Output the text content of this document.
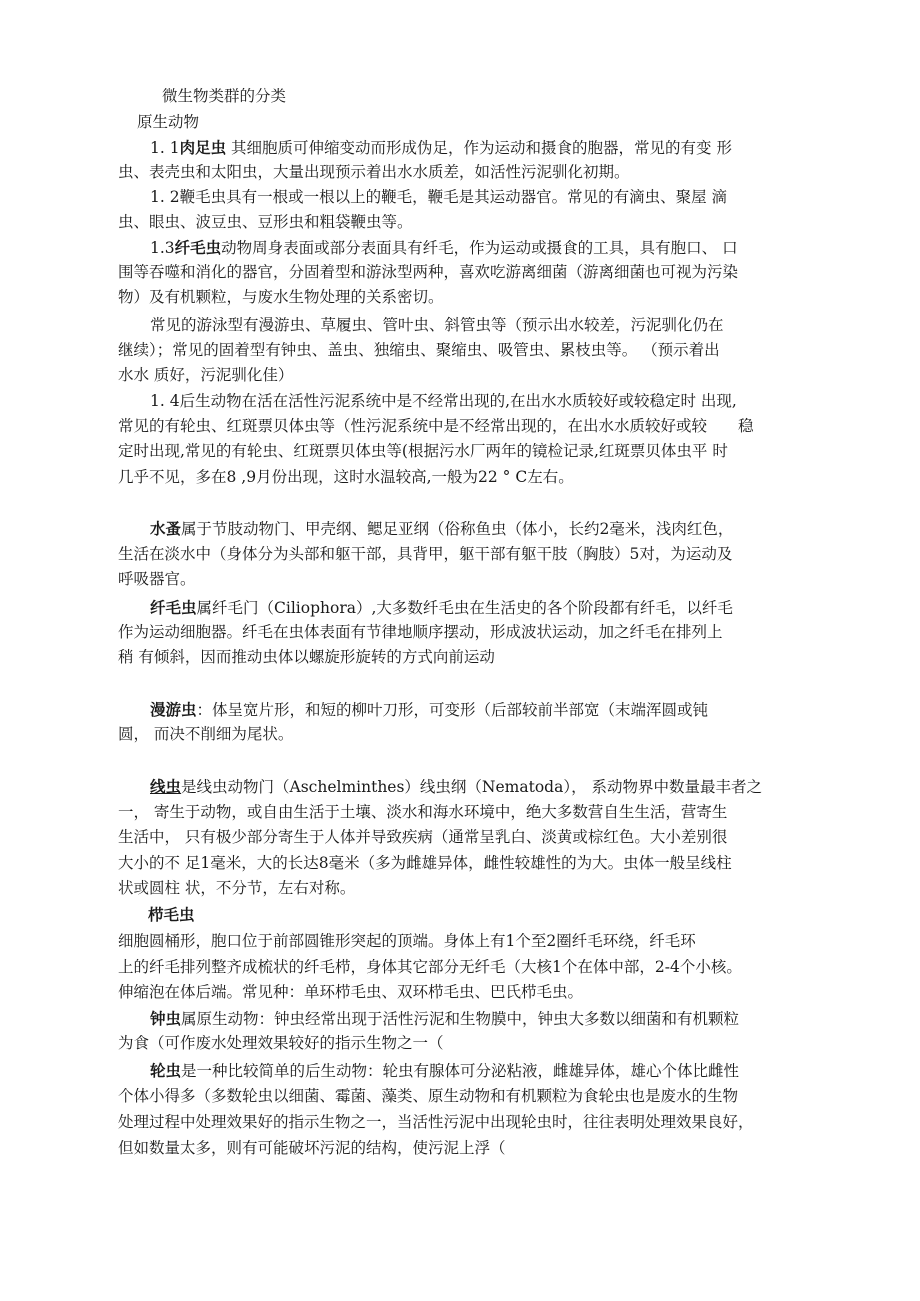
微生物类群的分类

原生动物

1. 1肉足虫 其细胞质可伸缩变动而形成伪足，作为运动和摄食的胞器，常见的有变 形

虫、表壳虫和太阳虫，大量出现预示着出水水质差，如活性污泥驯化初期。

1. 2鞭毛虫具有一根或一根以上的鞭毛，鞭毛是其运动器官。常见的有滴虫、聚屋 滴

虫、眼虫、波豆虫、豆形虫和粗袋鞭虫等。

1.3纤毛虫动物周身表面或部分表面具有纤毛，作为运动或摄食的工具，具有胞口、 口

围等吞噬和消化的器官，分固着型和游泳型两种，喜欢吃游离细菌（游离细菌也可视为污染

物）及有机颗粒，与废水生物处理的关系密切。

常见的游泳型有漫游虫、草履虫、管叶虫、斜管虫等（预示出水较差，污泥驯化仍在

继续）；常见的固着型有钟虫、盖虫、独缩虫、聚缩虫、吸管虫、累枝虫等。 （预示着出

水水 质好，污泥驯化佳）

1. 4后生动物在活在活性污泥系统中是不经常出现的,在出水水质较好或较稳定时 出现,

常见的有轮虫、红斑票贝体虫等（性污泥系统中是不经常出现的，在出水水质较好或较　　稳

定时出现,常见的有轮虫、红斑票贝体虫等(根据污水厂两年的镜检记录,红斑票贝体虫平 时

几乎不见，多在8 ,9月份出现，这时水温较高,一般为22 ° C左右。

水蚤属于节肢动物门、甲壳纲、鳃足亚纲（俗称鱼虫（体小，长约2毫米，浅肉红色，

生活在淡水中（身体分为头部和躯干部，具背甲，躯干部有躯干肢（胸肢）5对，为运动及

呼吸器官。

纤毛虫属纤毛门（Ciliophora）,大多数纤毛虫在生活史的各个阶段都有纤毛，以纤毛

作为运动细胞器。纤毛在虫体表面有节律地顺序摆动，形成波状运动，加之纤毛在排列上

稍 有倾斜，因而推动虫体以螺旋形旋转的方式向前运动

漫游虫：体呈宽片形，和短的柳叶刀形，可变形（后部较前半部宽（末端浑圆或钝

圆， 而决不削细为尾状。

线虫是线虫动物门（Aschelminthes）线虫纲（Nematoda）， 系动物界中数量最丰者之

一， 寄生于动物，或自由生活于土壤、淡水和海水环境中，绝大多数营自生生活，营寄生

生活中， 只有极少部分寄生于人体并导致疾病（通常呈乳白、淡黄或棕红色。大小差别很

大小的不 足1毫米，大的长达8毫米（多为雌雄异体，雌性较雄性的为大。虫体一般呈线柱

状或圆柱 状，不分节，左右对称。

栉毛虫

细胞圆桶形，胞口位于前部圆锥形突起的顶端。身体上有1个至2圈纤毛环绕，纤毛环

上的纤毛排列整齐成梳状的纤毛栉，身体其它部分无纤毛（大核1个在体中部，2-4个小核。

伸缩泡在体后端。常见种：单环栉毛虫、双环栉毛虫、巴氏栉毛虫。

钟虫属原生动物：钟虫经常出现于活性污泥和生物膜中，钟虫大多数以细菌和有机颗粒

为食（可作废水处理效果较好的指示生物之一（

轮虫是一种比较简单的后生动物：轮虫有腺体可分泌粘液，雌雄异体，雄心个体比雌性

个体小得多（多数轮虫以细菌、霉菌、藻类、原生动物和有机颗粒为食轮虫也是废水的生物

处理过程中处理效果好的指示生物之一，当活性污泥中出现轮虫时，往往表明处理效果良好，

但如数量太多，则有可能破坏污泥的结构，使污泥上浮（
